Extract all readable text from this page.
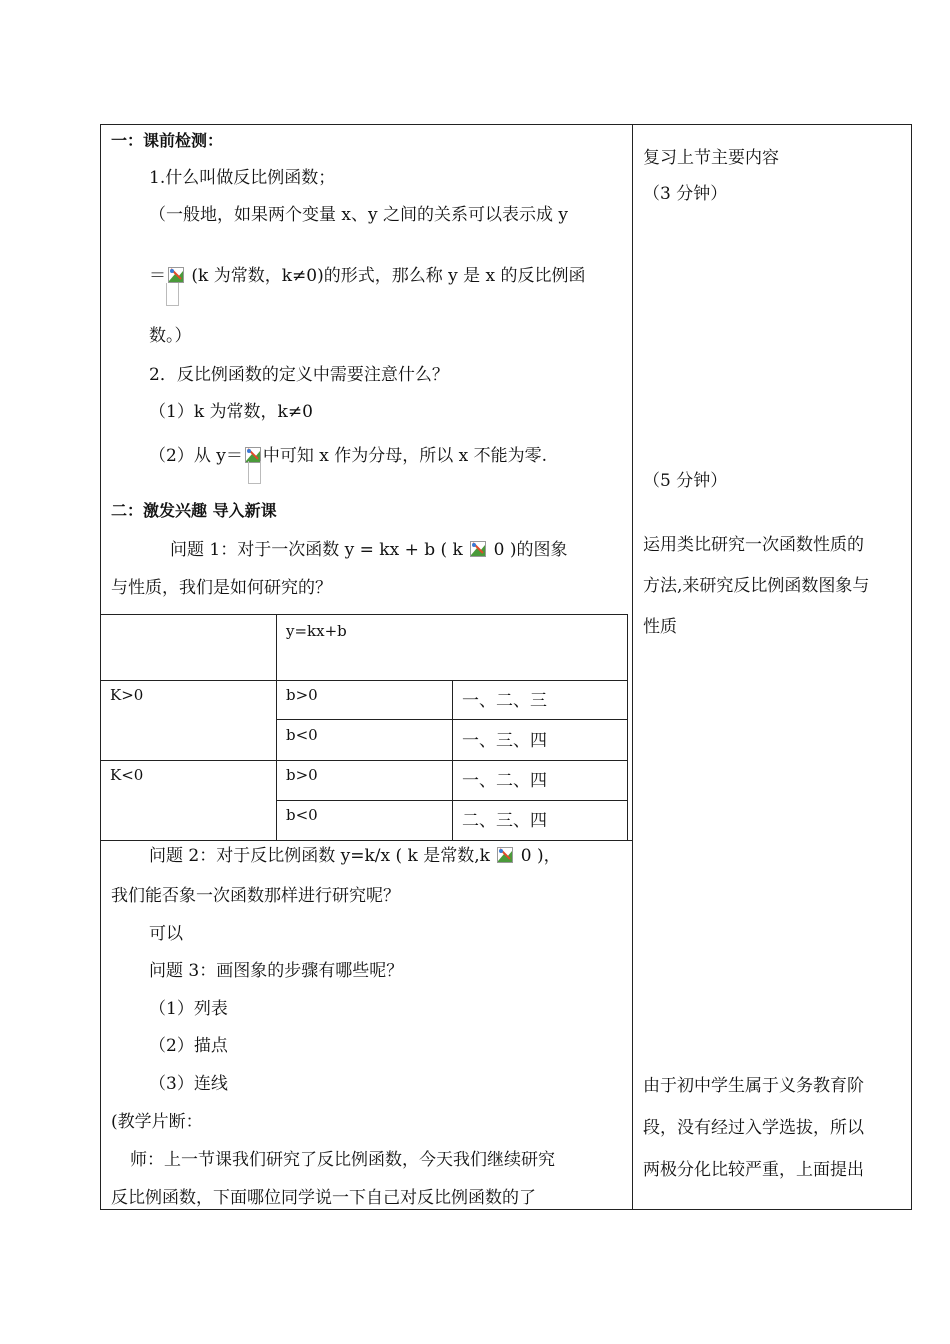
一：课前检测：
1.什么叫做反比例函数；
（一般地，如果两个变量 x、y 之间的关系可以表示成 y
＝ (k 为常数，k≠0)的形式，那么称 y 是 x 的反比例函
数。）
2．反比例函数的定义中需要注意什么？
（1）k 为常数，k≠0
（2）从 y＝ 中可知 x 作为分母，所以 x 不能为零.
二：激发兴趣 导入新课
问题 1：对于一次函数 y = kx + b ( k  0 )的图象
与性质，我们是如何研究的？
y=kx+b
K>0	b>0	一、二、三
b<0	一、三、四
K<0	b>0	一、二、四
b<0	二、三、四
问题 2：对于反比例函数 y=k/x ( k 是常数,k  0 )，
我们能否象一次函数那样进行研究呢？
可以
问题 3：画图象的步骤有哪些呢？
（1）列表
（2）描点
（3）连线
(教学片断：
师：上一节课我们研究了反比例函数，今天我们继续研究
反比例函数，下面哪位同学说一下自己对反比例函数的了
复习上节主要内容
（3 分钟）
（5 分钟）
运用类比研究一次函数性质的
方法,来研究反比例函数图象与
性质
由于初中学生属于义务教育阶
段，没有经过入学选拔，所以
两极分化比较严重，上面提出
